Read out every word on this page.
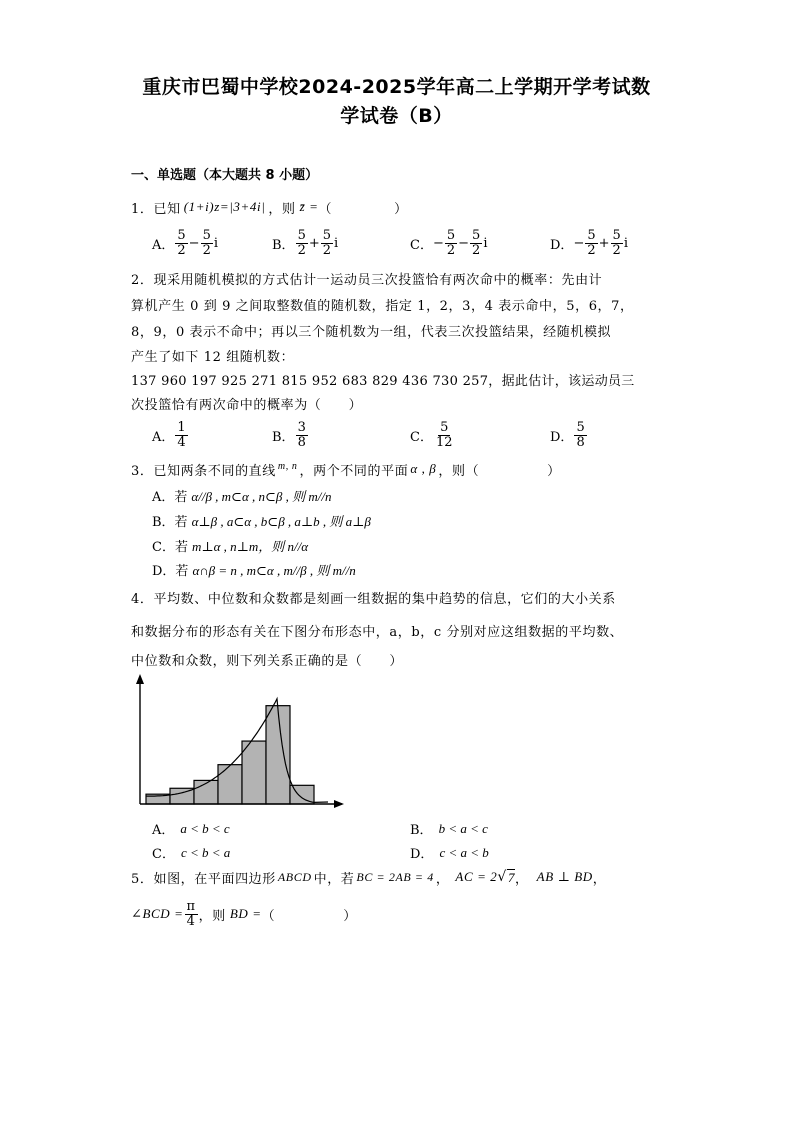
重庆市巴蜀中学校2024-2025学年高二上学期开学考试数
学试卷（B）
一、单选题（本大题共 8 小题）
1． 已知 (1+i)z=|3+4i| ，则 z̄ = （	）
A． $\frac{5}{2} - \frac{5}{2}$ i	B． $\frac{5}{2} + \frac{5}{2}$ i	C． − $\frac{5}{2} - \frac{5}{2}$ i	D． − $\frac{5}{2} + \frac{5}{2}$ i
2．现采用随机模拟的方式估计一运动员三次投篮恰有两次命中的概率：先由计
算机产生 0 到 9 之间取整数值的随机数，指定 1，2，3，4 表示命中，5，6，7，
8，9，0 表示不命中；再以三个随机数为一组，代表三次投篮结果，经随机模拟
产生了如下 12 组随机数：
137 960 197 925 271 815 952 683 829 436 730 257，据此估计，该运动员三
次投篮恰有两次命中的概率为（　　）
A． $\frac{1}{4}$	B． $\frac{3}{8}$	C． $\frac{5}{12}$	D． $\frac{5}{8}$
3．已知两条不同的直线 m, n ，两个不同的平面 α , β ，则（　　　　　）
A．若 α//β , m⊂α , n⊂β , 则 m//n
B．若 α⊥β , a⊂α , b⊂β , a⊥b , 则 a⊥β
C．若 m⊥α , n⊥m，则 n//α
D．若 α∩β = n , m⊂α , m//β , 则 m//n
4．平均数、中位数和众数都是刻画一组数据的集中趋势的信息，它们的大小关系
和数据分布的形态有关在下图分布形态中，a，b，c 分别对应这组数据的平均数、
中位数和众数，则下列关系正确的是（　　）
A． a < b < c	B． b < a < c
C． c < b < a	D． c < a < b
5．如图，在平面四边形 ABCD 中，若 BC = 2AB = 4 ， AC = 2 √ 7 ， AB ⊥ BD ，
∠BCD = $\frac{\pi}{4}$ ，则 BD = （　　　　　）
